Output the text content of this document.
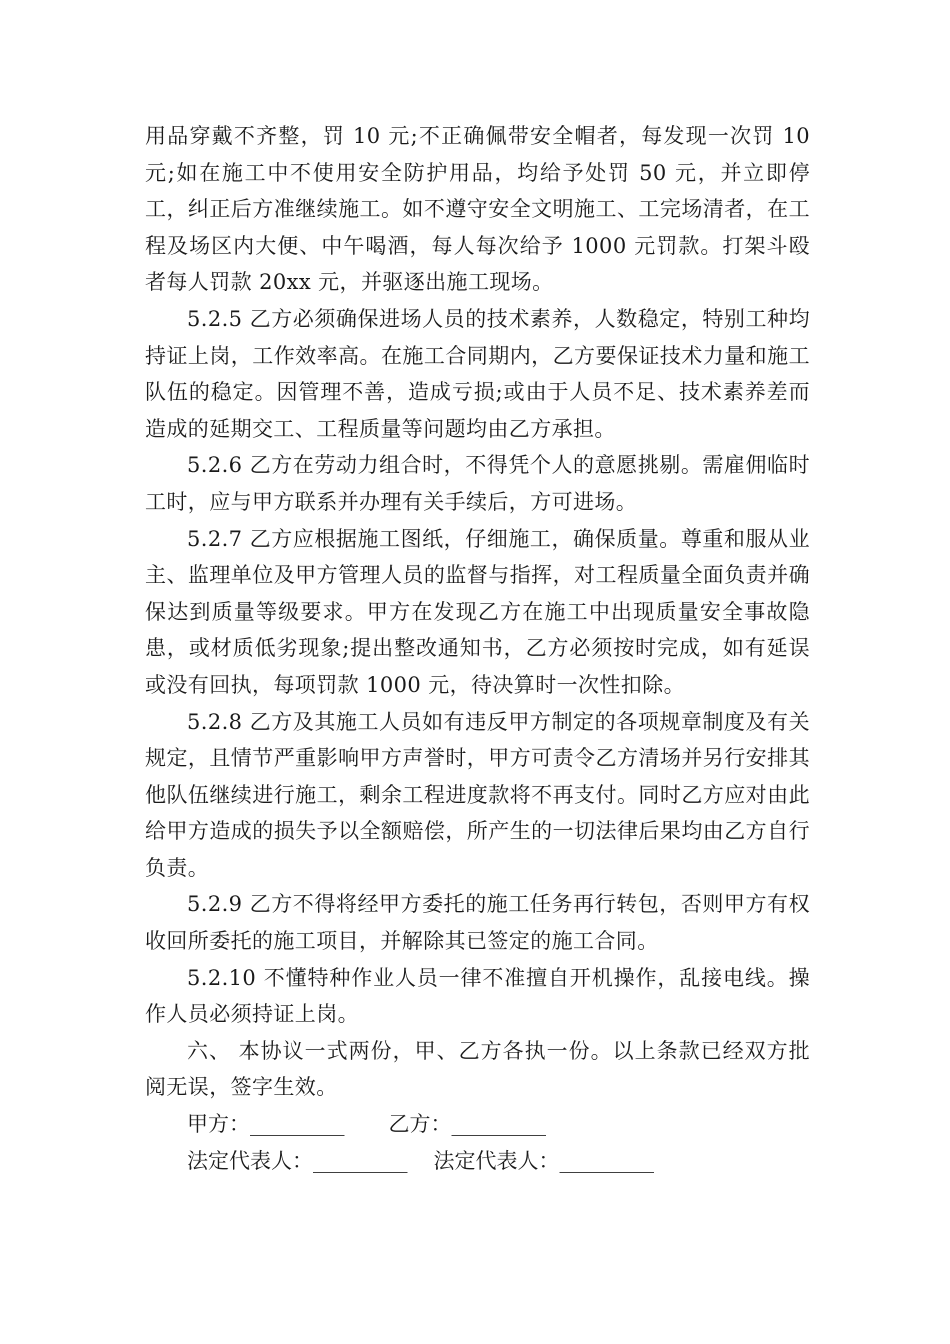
用品穿戴不齐整，罚 10 元;不正确佩带安全帽者，每发现一次罚 10 元;如在施工中不使用安全防护用品，均给予处罚 50 元，并立即停工，纠正后方准继续施工。如不遵守安全文明施工、工完场清者，在工程及场区内大便、中午喝酒，每人每次给予 1000 元罚款。打架斗殴者每人罚款 20xx 元，并驱逐出施工现场。

5.2.5 乙方必须确保进场人员的技术素养，人数稳定，特别工种均持证上岗，工作效率高。在施工合同期内，乙方要保证技术力量和施工队伍的稳定。因管理不善，造成亏损;或由于人员不足、技术素养差而造成的延期交工、工程质量等问题均由乙方承担。

5.2.6 乙方在劳动力组合时，不得凭个人的意愿挑剔。需雇佣临时工时，应与甲方联系并办理有关手续后，方可进场。

5.2.7 乙方应根据施工图纸，仔细施工，确保质量。尊重和服从业主、监理单位及甲方管理人员的监督与指挥，对工程质量全面负责并确保达到质量等级要求。甲方在发现乙方在施工中出现质量安全事故隐患，或材质低劣现象;提出整改通知书，乙方必须按时完成，如有延误或没有回执，每项罚款 1000 元，待决算时一次性扣除。

5.2.8 乙方及其施工人员如有违反甲方制定的各项规章制度及有关规定，且情节严重影响甲方声誉时，甲方可责令乙方清场并另行安排其他队伍继续进行施工，剩余工程进度款将不再支付。同时乙方应对由此给甲方造成的损失予以全额赔偿，所产生的一切法律后果均由乙方自行负责。

5.2.9 乙方不得将经甲方委托的施工任务再行转包，否则甲方有权收回所委托的施工项目，并解除其已签定的施工合同。

5.2.10 不懂特种作业人员一律不准擅自开机操作，乱接电线。操作人员必须持证上岗。

六、 本协议一式两份，甲、乙方各执一份。以上条款已经双方批阅无误，签字生效。

甲方：_________ 乙方：_________
法定代表人：_________ 法定代表人：_________
